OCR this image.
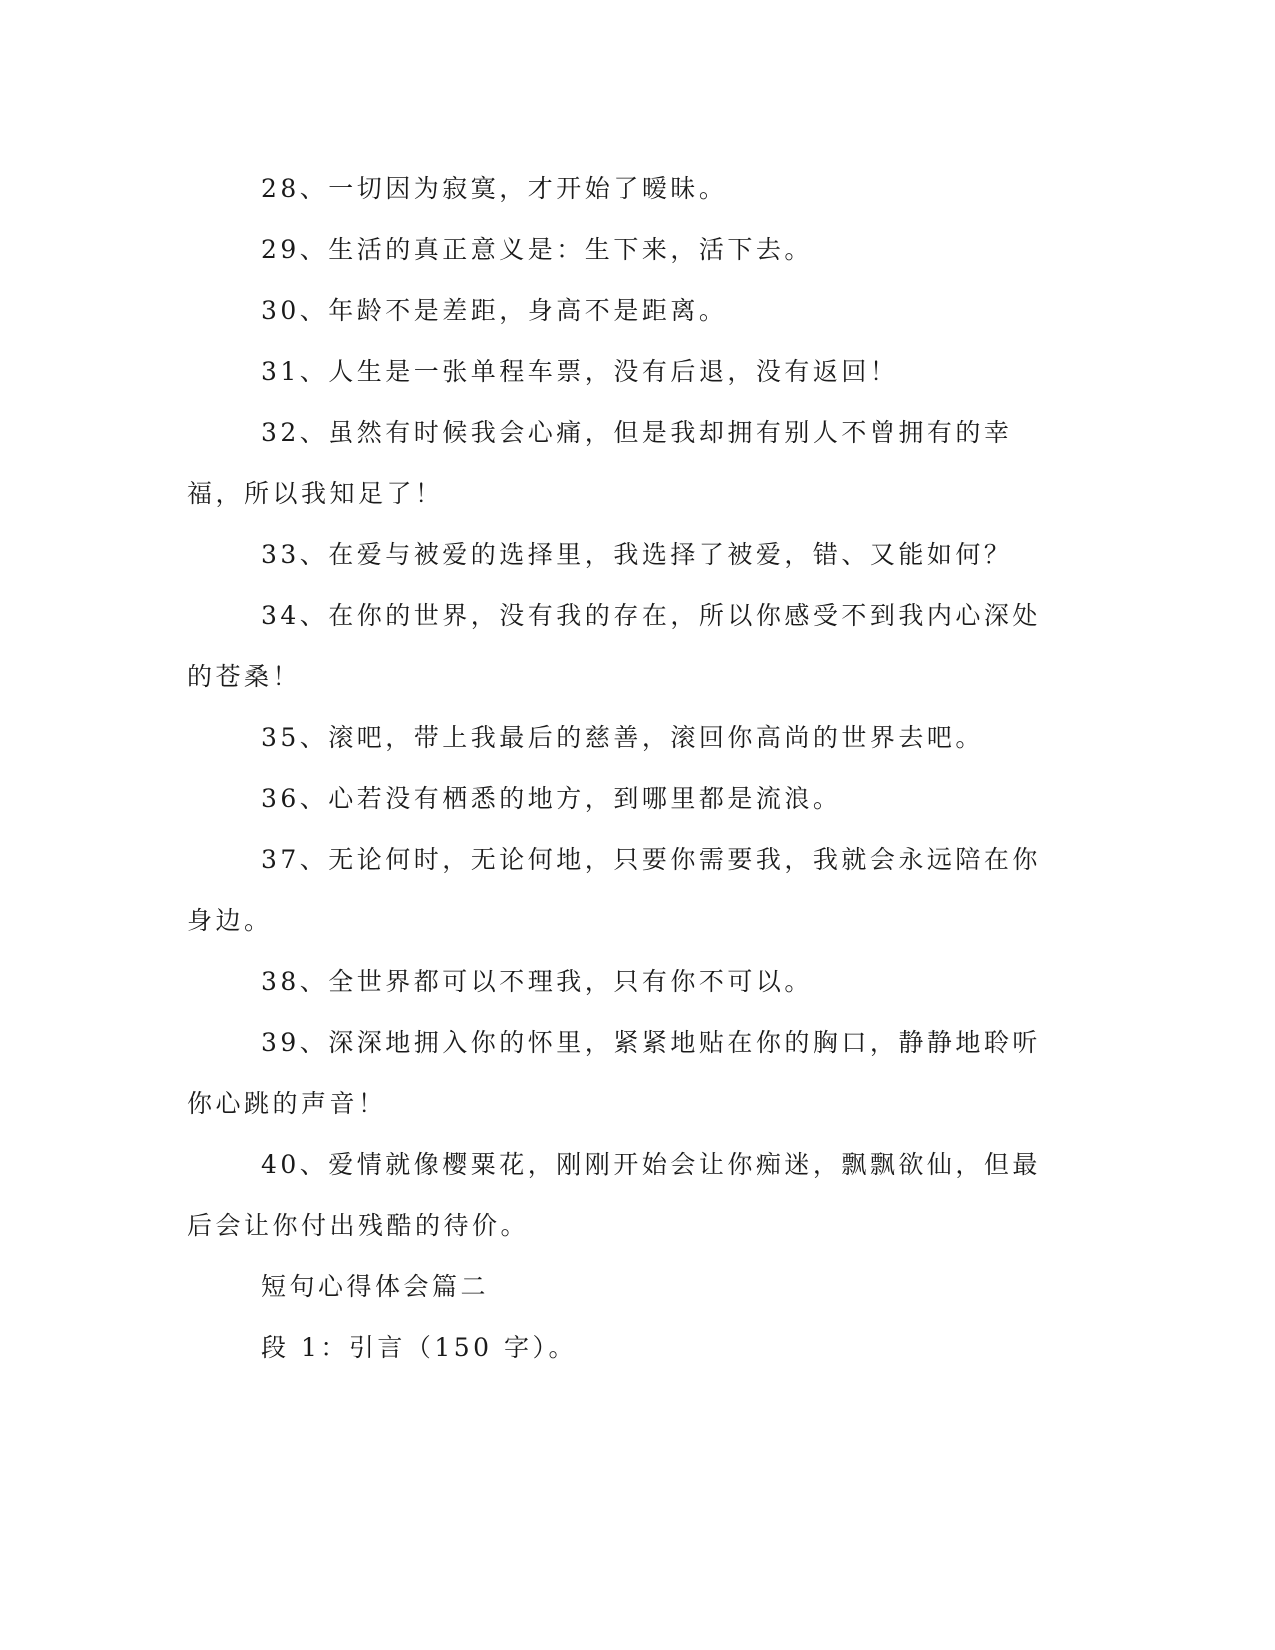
28、一切因为寂寞，才开始了暧昧。

29、生活的真正意义是：生下来，活下去。

30、年龄不是差距，身高不是距离。

31、人生是一张单程车票，没有后退，没有返回！

32、虽然有时候我会心痛，但是我却拥有别人不曾拥有的幸福，所以我知足了！

33、在爱与被爱的选择里，我选择了被爱，错、又能如何？

34、在你的世界，没有我的存在，所以你感受不到我内心深处的苍桑！

35、滚吧，带上我最后的慈善，滚回你高尚的世界去吧。

36、心若没有栖悉的地方，到哪里都是流浪。

37、无论何时，无论何地，只要你需要我，我就会永远陪在你身边。

38、全世界都可以不理我，只有你不可以。

39、深深地拥入你的怀里，紧紧地贴在你的胸口，静静地聆听你心跳的声音！

40、爱情就像樱粟花，刚刚开始会让你痴迷，飘飘欲仙，但最后会让你付出残酷的待价。

短句心得体会篇二

段 1：引言（150 字）。
